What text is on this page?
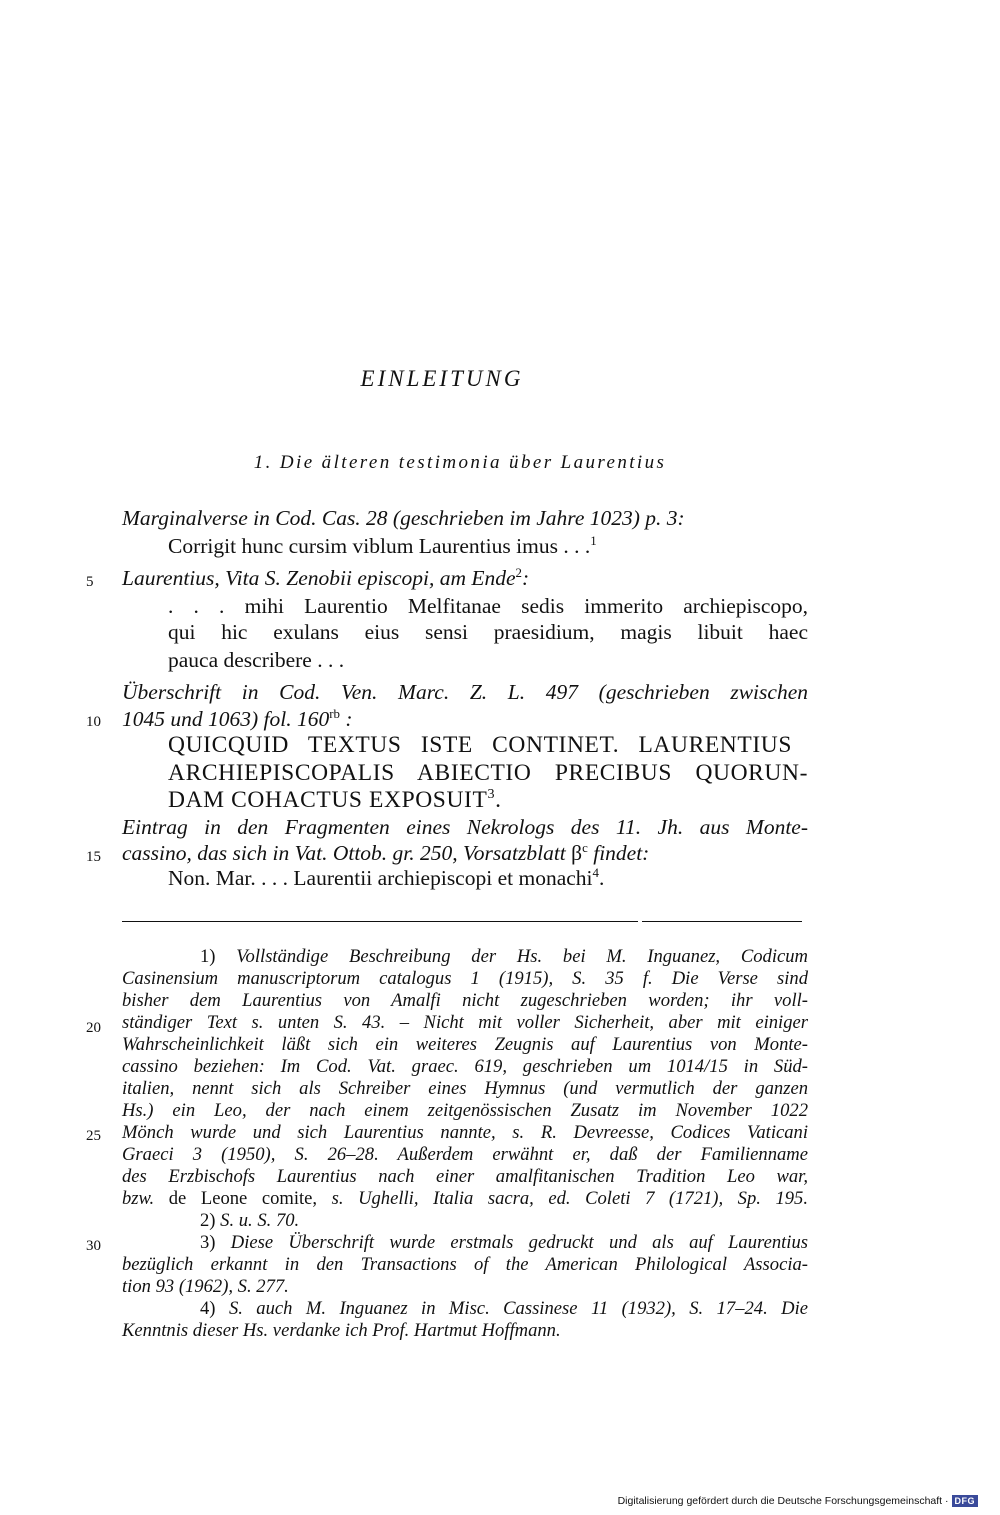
EINLEITUNG
1. Die älteren testimonia über Laurentius
Marginalverse in Cod. Cas. 28 (geschrieben im Jahre 1023) p. 3:
Corrigit hunc cursim viblum Laurentius imus . . .$^1$
Laurentius, Vita S. Zenobii episcopi, am Ende$^2$:
. . . mihi Laurentio Melfitanae sedis immerito archiepiscopo,
qui hic exulans eius sensi praesidium, magis libuit haec
pauca describere . . .
Überschrift in Cod. Ven. Marc. Z. L. 497 (geschrieben zwischen
1045 und 1063) fol. $160^{rb}$ :
QUICQUID TEXTUS ISTE CONTINET. LAURENTIUS
ARCHIEPISCOPALIS ABIECTIO PRECIBUS QUORUN-
DAM COHACTUS EXPOSUIT$^3$.
Eintrag in den Fragmenten eines Nekrologs des 11. Jh. aus Monte-
cassino, das sich in Vat. Ottob. gr. 250, Vorsatzblatt $\beta^c$ findet:
Non. Mar. . . . Laurentii archiepiscopi et monachi$^4$.
1) Vollständige Beschreibung der Hs. bei M. Inguanez, Codicum
Casinensium manuscriptorum catalogus 1 (1915), S. 35 f. Die Verse sind
bisher dem Laurentius von Amalfi nicht zugeschrieben worden; ihr voll-
ständiger Text s. unten S. 43. – Nicht mit voller Sicherheit, aber mit einiger
Wahrscheinlichkeit läßt sich ein weiteres Zeugnis auf Laurentius von Monte-
cassino beziehen: Im Cod. Vat. graec. 619, geschrieben um 1014/15 in Süd-
italien, nennt sich als Schreiber eines Hymnus (und vermutlich der ganzen
Hs.) ein Leo, der nach einem zeitgenössischen Zusatz im November 1022
Mönch wurde und sich Laurentius nannte, s. R. Devreesse, Codices Vaticani
Graeci 3 (1950), S. 26–28. Außerdem erwähnt er, daß der Familienname
des Erzbischofs Laurentius nach einer amalfitanischen Tradition Leo war,
bzw. de Leone comite, s. Ughelli, Italia sacra, ed. Coleti 7 (1721), Sp. 195.
2) S. u. S. 70.
3) Diese Überschrift wurde erstmals gedruckt und als auf Laurentius
bezüglich erkannt in den Transactions of the American Philological Associa-
tion 93 (1962), S. 277.
4) S. auch M. Inguanez in Misc. Cassinese 11 (1932), S. 17–24. Die
Kenntnis dieser Hs. verdanke ich Prof. Hartmut Hoffmann.
5
10
15
20
25
30
Digitalisierung gefördert durch die Deutsche Forschungsgemeinschaft · DFG
